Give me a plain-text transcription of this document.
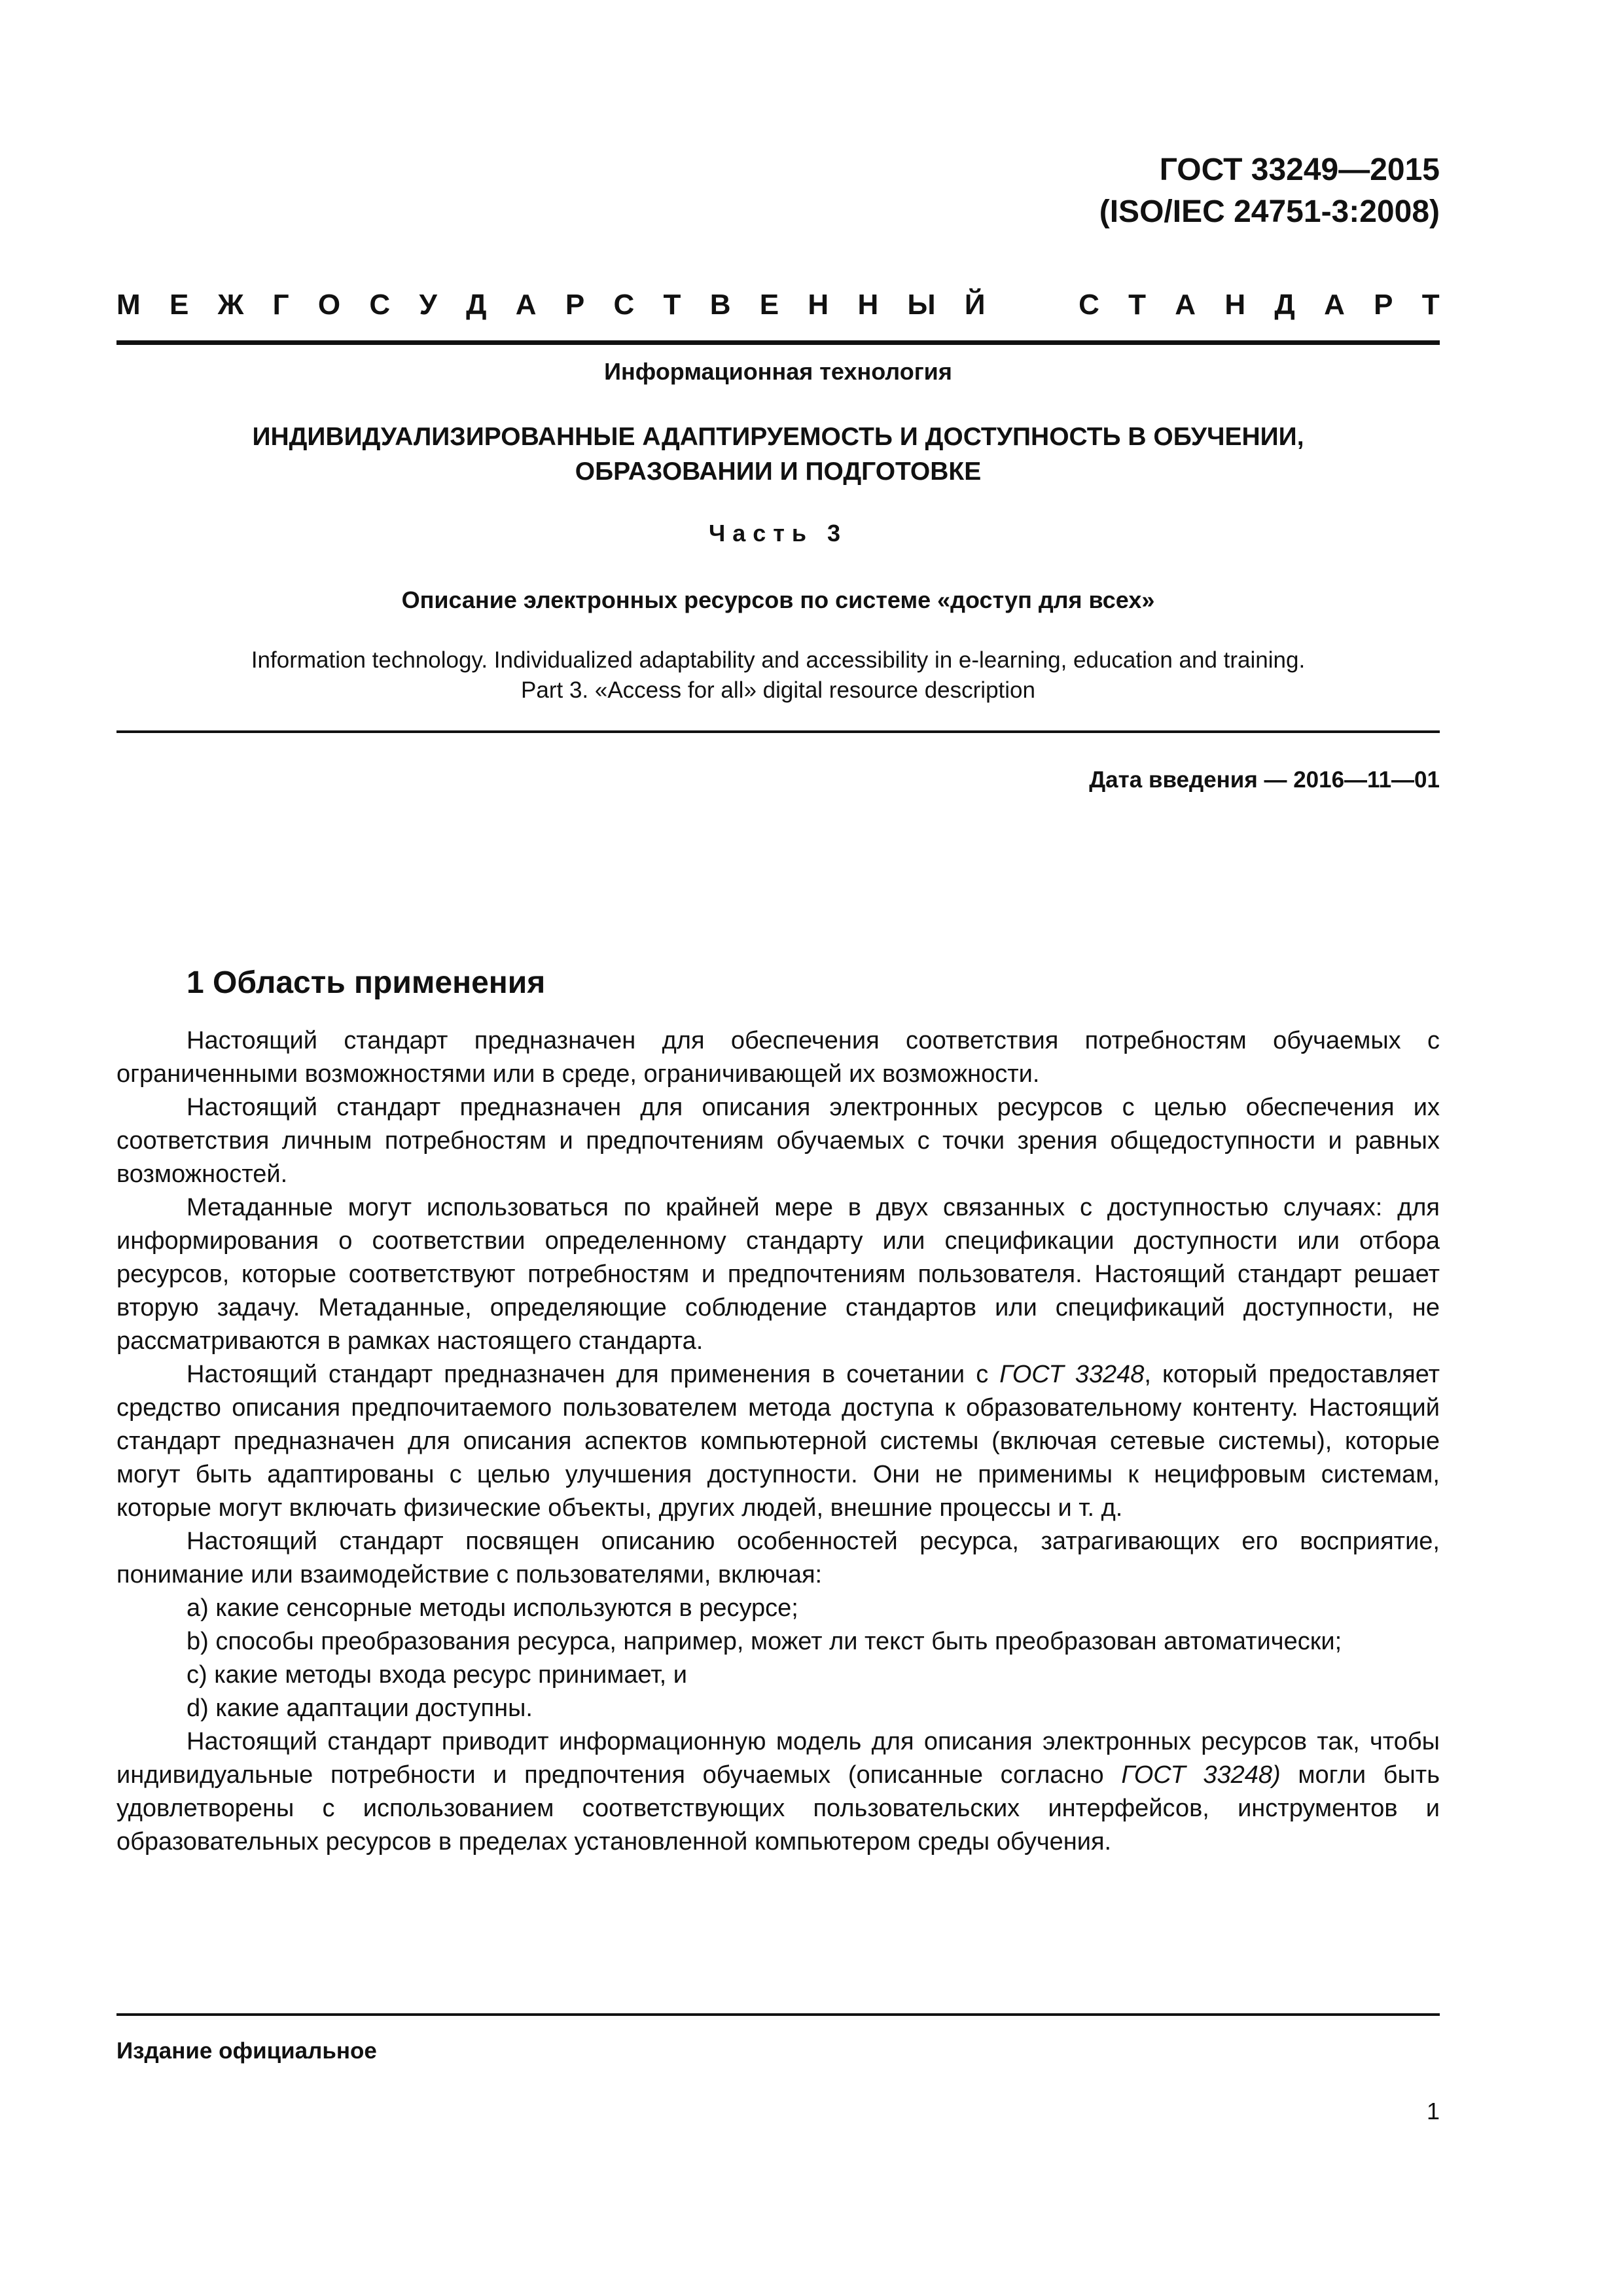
ГОСТ 33249—2015
(ISO/IEC 24751-3:2008)
М Е Ж Г О С У Д А Р С Т В Е Н Н Ы Й	С Т А Н Д А Р Т
Информационная технология
ИНДИВИДУАЛИЗИРОВАННЫЕ АДАПТИРУЕМОСТЬ И ДОСТУПНОСТЬ В ОБУЧЕНИИ,
ОБРАЗОВАНИИ И ПОДГОТОВКЕ
Часть 3
Описание электронных ресурсов по системе «доступ для всех»
Information technology. Individualized adaptability and accessibility in e-learning, education and training.
Part 3. «Access for all» digital resource description
Дата введения — 2016—11—01
1 Область применения

Настоящий стандарт предназначен для обеспечения соответствия потребностям обучаемых с ограниченными возможностями или в среде, ограничивающей их возможности.

Настоящий стандарт предназначен для описания электронных ресурсов с целью обеспечения их соответствия личным потребностям и предпочтениям обучаемых с точки зрения общедоступности и равных возможностей.

Метаданные могут использоваться по крайней мере в двух связанных с доступностью случаях: для информирования о соответствии определенному стандарту или спецификации доступности или отбора ресурсов, которые соответствуют потребностям и предпочтениям пользователя. Настоящий стандарт решает вторую задачу. Метаданные, определяющие соблюдение стандартов или спецификаций доступности, не рассматриваются в рамках настоящего стандарта.

Настоящий стандарт предназначен для применения в сочетании с ГОСТ 33248, который предоставляет средство описания предпочитаемого пользователем метода доступа к образовательному контенту. Настоящий стандарт предназначен для описания аспектов компьютерной системы (включая сетевые системы), которые могут быть адаптированы с целью улучшения доступности. Они не применимы к нецифровым системам, которые могут включать физические объекты, других людей, внешние процессы и т. д.

Настоящий стандарт посвящен описанию особенностей ресурса, затрагивающих его восприятие, понимание или взаимодействие с пользователями, включая:

a) какие сенсорные методы используются в ресурсе;

b) способы преобразования ресурса, например, может ли текст быть преобразован автоматически;

c) какие методы входа ресурс принимает, и

d) какие адаптации доступны.

Настоящий стандарт приводит информационную модель для описания электронных ресурсов так, чтобы индивидуальные потребности и предпочтения обучаемых (описанные согласно ГОСТ 33248) могли быть удовлетворены с использованием соответствующих пользовательских интерфейсов, инструментов и образовательных ресурсов в пределах установленной компьютером среды обучения.

Издание официальное
1
